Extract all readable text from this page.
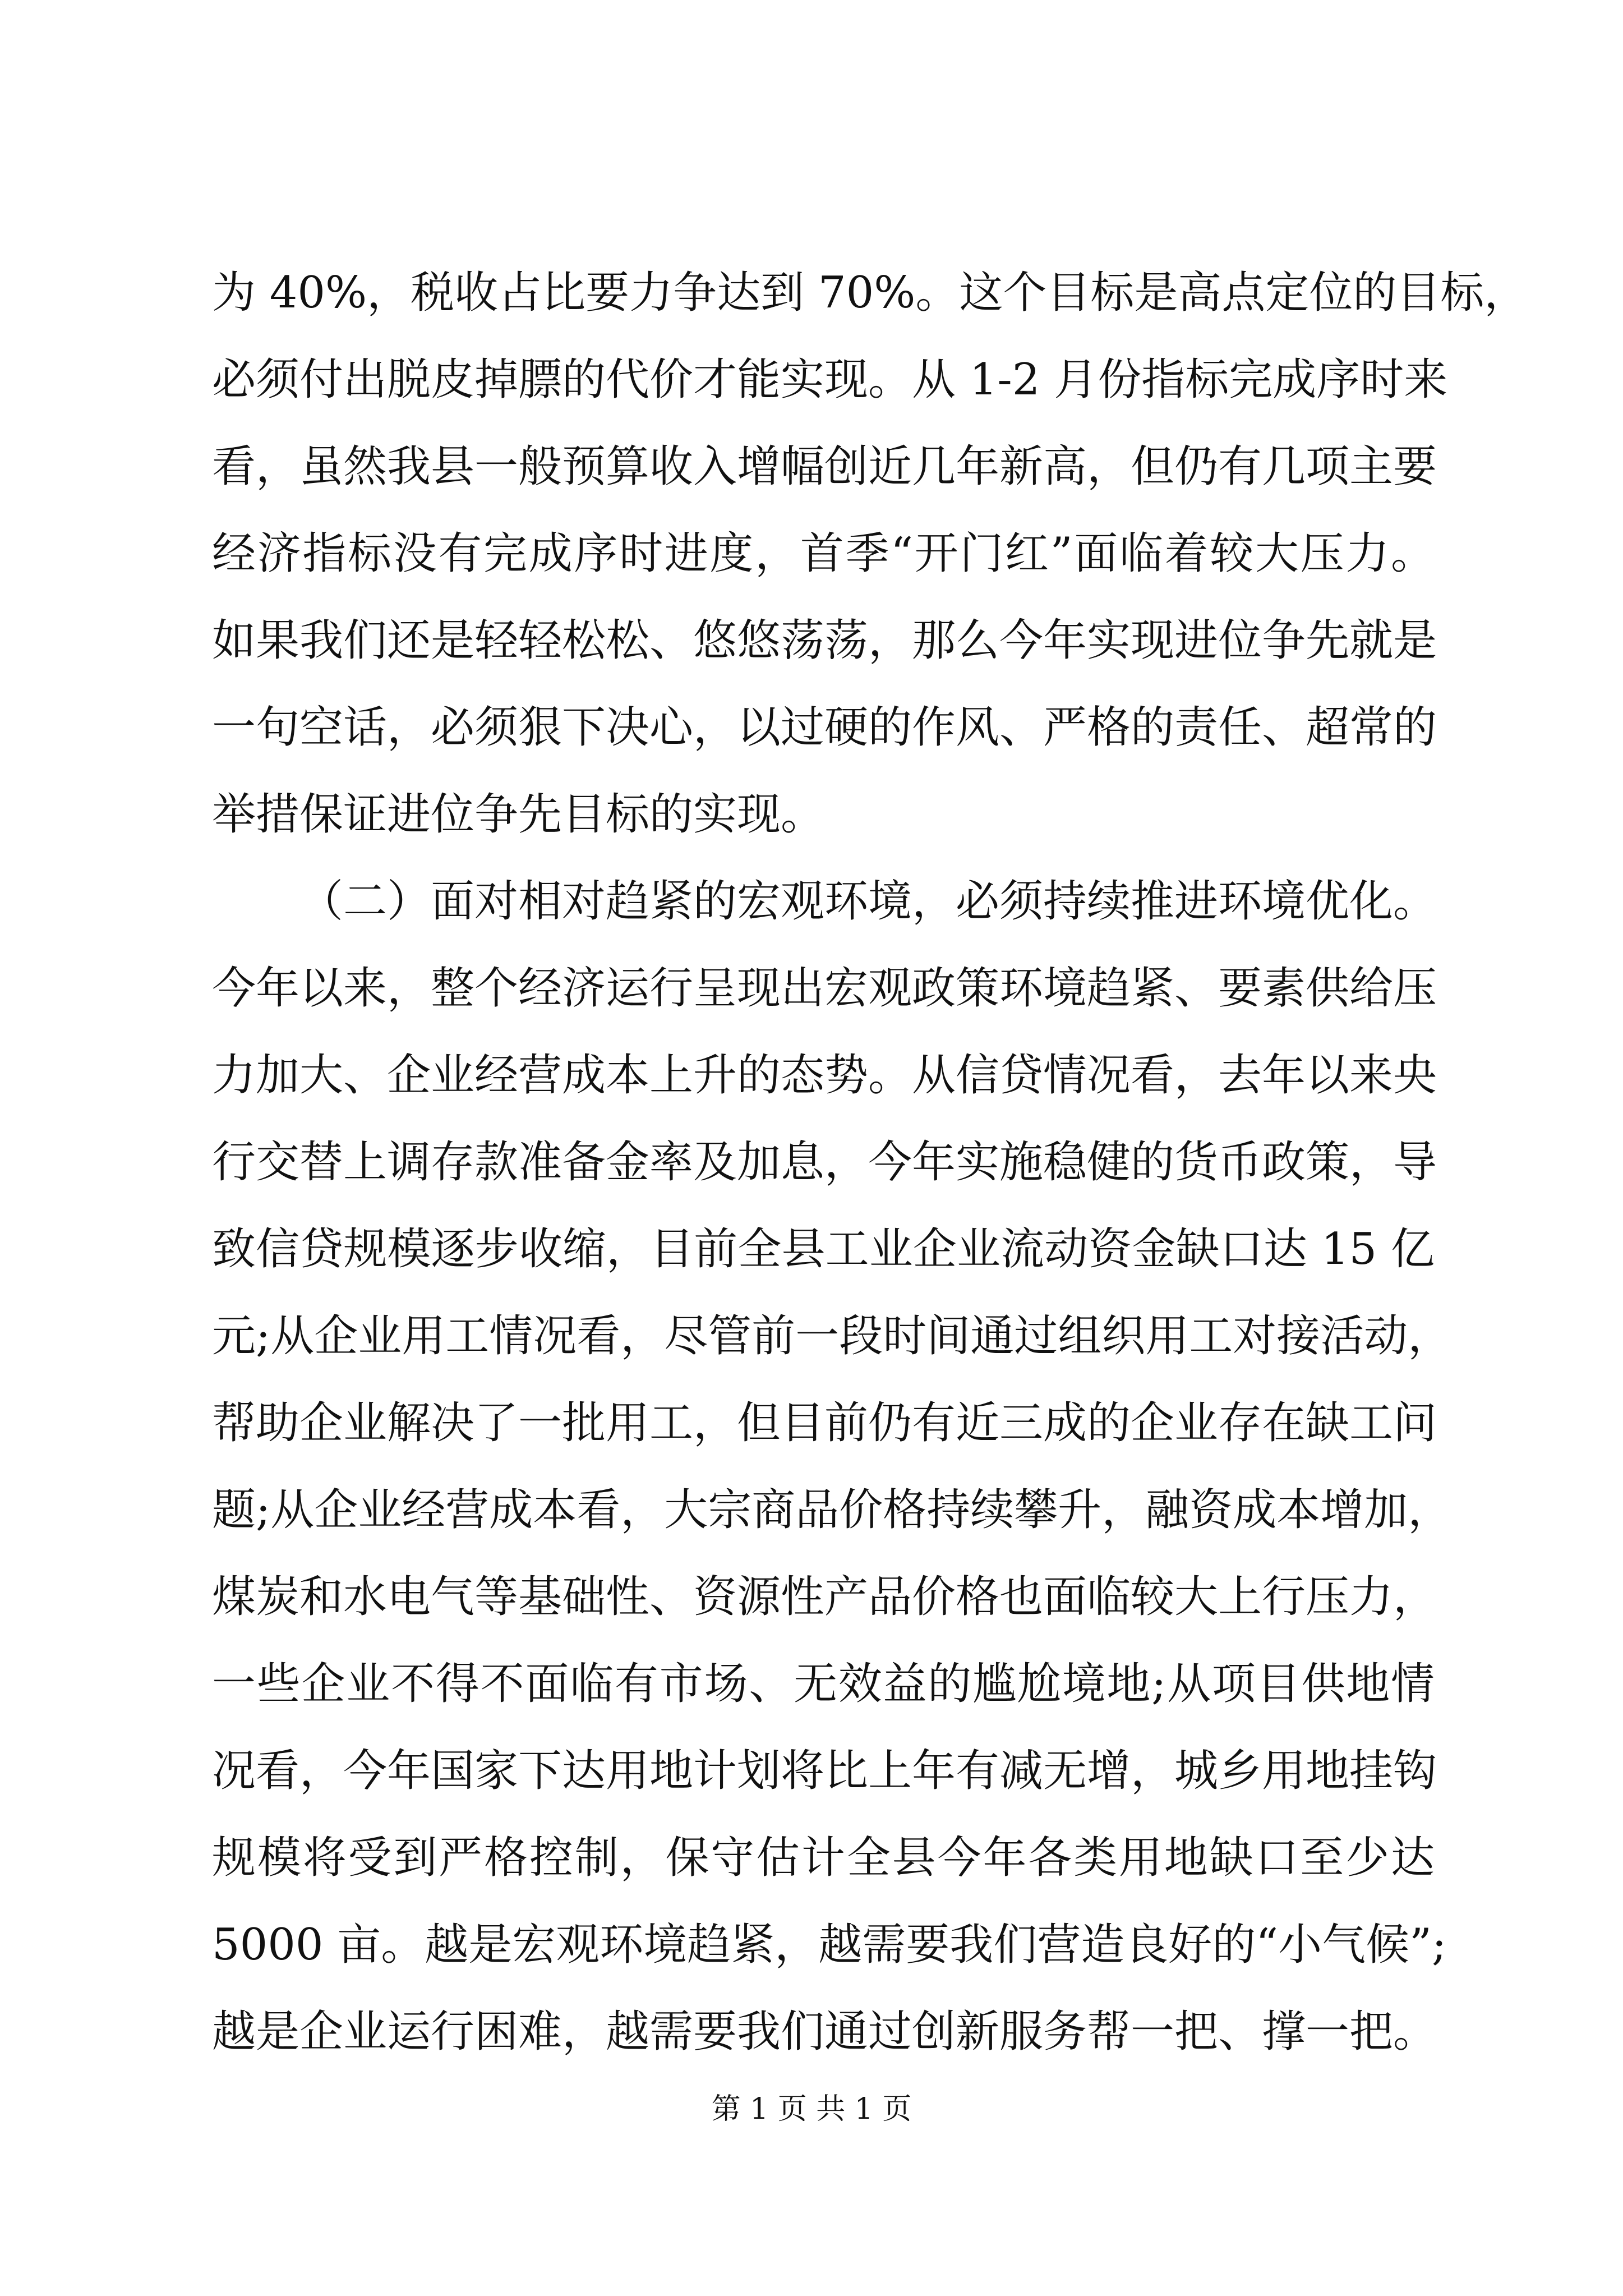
为 40%，税收占比要力争达到 70%。这个目标是高点定位的目标，
必须付出脱皮掉膘的代价才能实现。从 1-2 月份指标完成序时来
看，虽然我县一般预算收入增幅创近几年新高，但仍有几项主要
经济指标没有完成序时进度，首季“开门红”面临着较大压力。
如果我们还是轻轻松松、悠悠荡荡，那么今年实现进位争先就是
一句空话，必须狠下决心，以过硬的作风、严格的责任、超常的
举措保证进位争先目标的实现。
（二）面对相对趋紧的宏观环境，必须持续推进环境优化。
今年以来，整个经济运行呈现出宏观政策环境趋紧、要素供给压
力加大、企业经营成本上升的态势。从信贷情况看，去年以来央
行交替上调存款准备金率及加息，今年实施稳健的货币政策，导
致信贷规模逐步收缩，目前全县工业企业流动资金缺口达 15 亿
元;从企业用工情况看，尽管前一段时间通过组织用工对接活动，
帮助企业解决了一批用工，但目前仍有近三成的企业存在缺工问
题;从企业经营成本看，大宗商品价格持续攀升，融资成本增加，
煤炭和水电气等基础性、资源性产品价格也面临较大上行压力，
一些企业不得不面临有市场、无效益的尴尬境地;从项目供地情
况看，今年国家下达用地计划将比上年有减无增，城乡用地挂钩
规模将受到严格控制，保守估计全县今年各类用地缺口至少达
5000 亩。越是宏观环境趋紧，越需要我们营造良好的“小气候”;
越是企业运行困难，越需要我们通过创新服务帮一把、撑一把。
第 1 页 共 1 页
